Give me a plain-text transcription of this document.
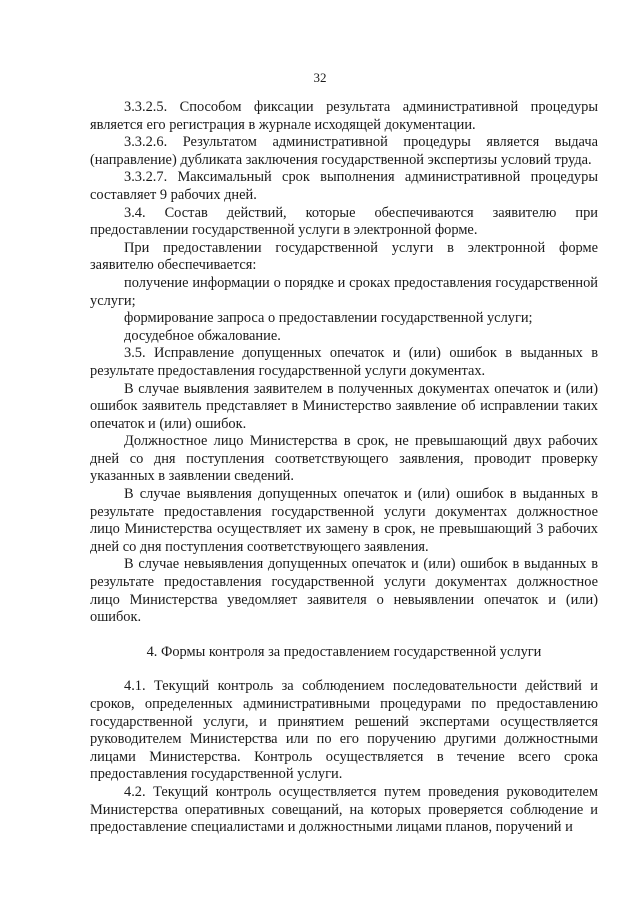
32

3.3.2.5. Способом фиксации результата административной процедуры является его регистрация в журнале исходящей документации.

3.3.2.6. Результатом административной процедуры является выдача (направление) дубликата заключения государственной экспертизы условий труда.

3.3.2.7. Максимальный срок выполнения административной процедуры составляет 9 рабочих дней.

3.4. Состав действий, которые обеспечиваются заявителю при предоставлении государственной услуги в электронной форме.

При предоставлении государственной услуги в электронной форме заявителю обеспечивается:

получение информации о порядке и сроках предоставления государственной услуги;

формирование запроса о предоставлении государственной услуги;

досудебное обжалование.

3.5. Исправление допущенных опечаток и (или) ошибок в выданных в результате предоставления государственной услуги документах.

В случае выявления заявителем в полученных документах опечаток и (или) ошибок заявитель представляет в Министерство заявление об исправлении таких опечаток и (или) ошибок.

Должностное лицо Министерства в срок, не превышающий двух рабочих дней со дня поступления соответствующего заявления, проводит проверку указанных в заявлении сведений.

В случае выявления допущенных опечаток и (или) ошибок в выданных в результате предоставления государственной услуги документах должностное лицо Министерства осуществляет их замену в срок, не превышающий 3 рабочих дней со дня поступления соответствующего заявления.

В случае невыявления допущенных опечаток и (или) ошибок в выданных в результате предоставления государственной услуги документах должностное лицо Министерства уведомляет заявителя о невыявлении опечаток и (или) ошибок.

4. Формы контроля за предоставлением государственной услуги

4.1. Текущий контроль за соблюдением последовательности действий и сроков, определенных административными процедурами по предоставлению государственной услуги, и принятием решений экспертами осуществляется руководителем Министерства или по его поручению другими должностными лицами Министерства. Контроль осуществляется в течение всего срока предоставления государственной услуги.

4.2. Текущий контроль осуществляется путем проведения руководителем Министерства оперативных совещаний, на которых проверяется соблюдение и предоставление специалистами и должностными лицами планов, поручений и
